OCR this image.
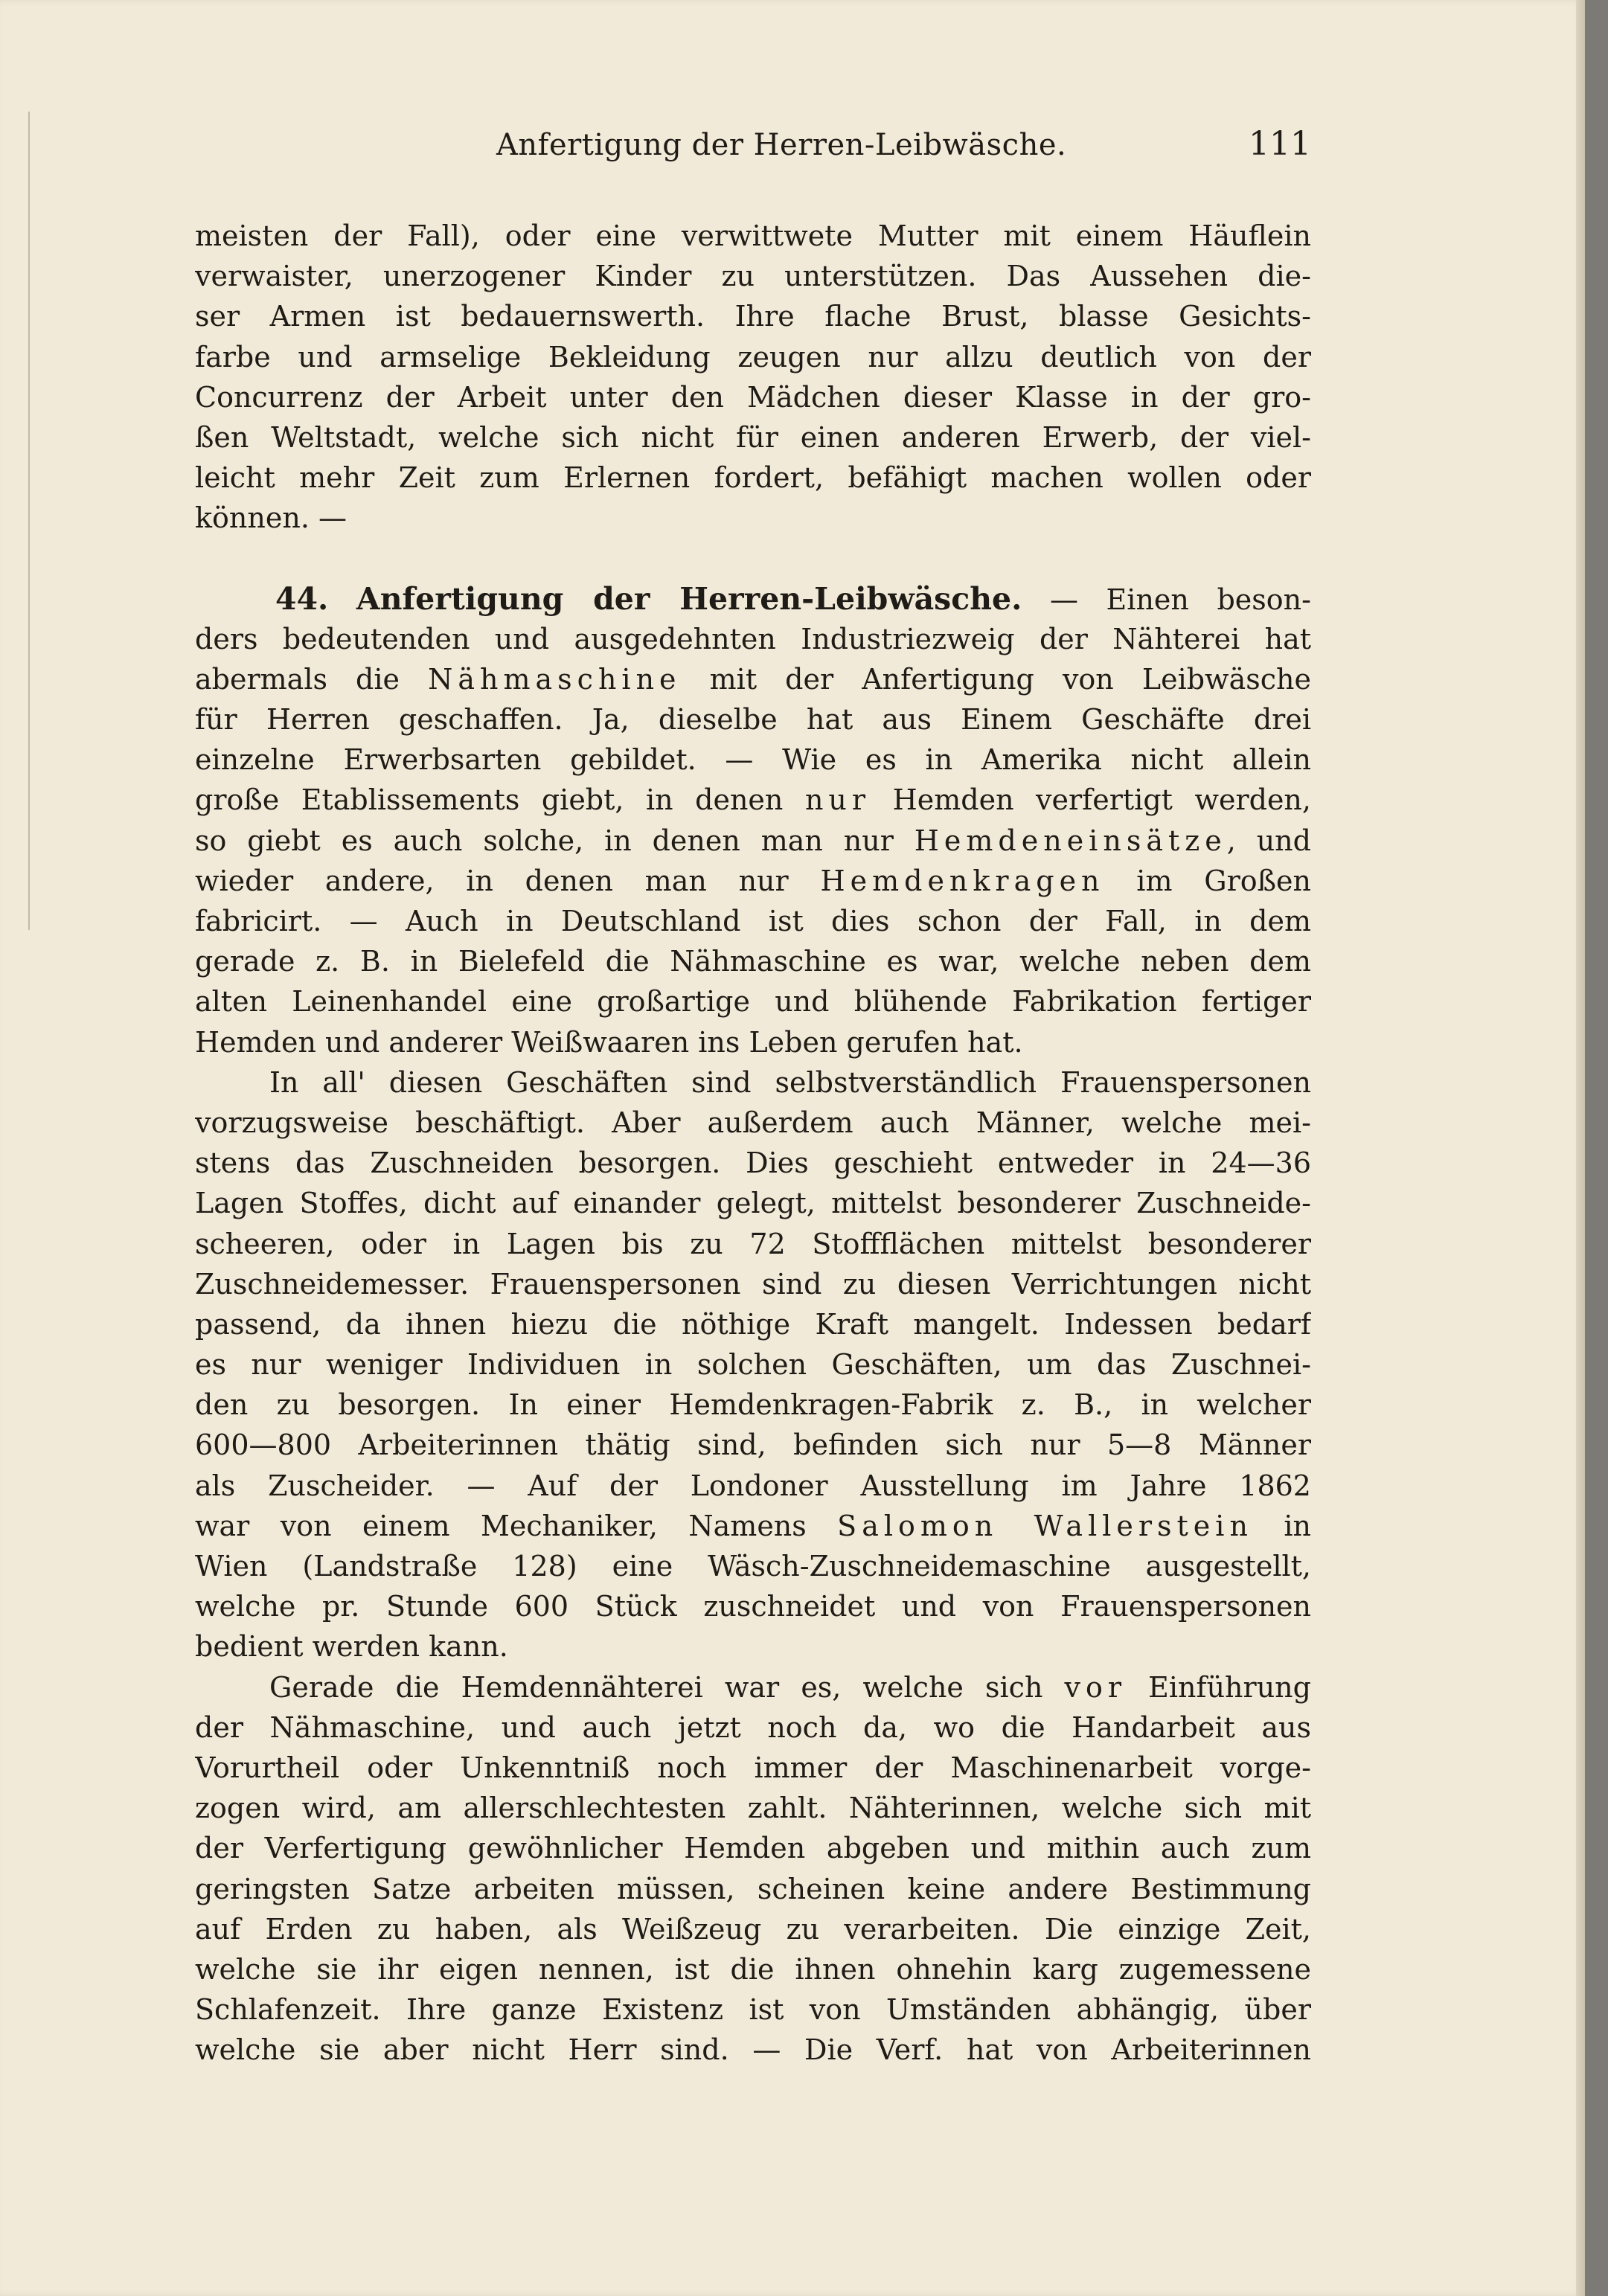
Anfertigung der Herren-Leibwäsche.	111
meisten der Fall), oder eine verwittwete Mutter mit einem Häuflein
verwaister, unerzogener Kinder zu unterstützen. Das Aussehen die-
ser Armen ist bedauernswerth. Ihre flache Brust, blasse Gesichts-
farbe und armselige Bekleidung zeugen nur allzu deutlich von der
Concurrenz der Arbeit unter den Mädchen dieser Klasse in der gro-
ßen Weltstadt, welche sich nicht für einen anderen Erwerb, der viel-
leicht mehr Zeit zum Erlernen fordert, befähigt machen wollen oder
können. —
44. Anfertigung der Herren-Leibwäsche. — Einen beson-
ders bedeutenden und ausgedehnten Industriezweig der Nähterei hat
abermals die Nähmaschine mit der Anfertigung von Leibwäsche
für Herren geschaffen. Ja, dieselbe hat aus Einem Geschäfte drei
einzelne Erwerbsarten gebildet. — Wie es in Amerika nicht allein
große Etablissements giebt, in denen nur Hemden verfertigt werden,
so giebt es auch solche, in denen man nur Hemdeneinsätze, und
wieder andere, in denen man nur Hemdenkragen im Großen
fabricirt. — Auch in Deutschland ist dies schon der Fall, in dem
gerade z. B. in Bielefeld die Nähmaschine es war, welche neben dem
alten Leinenhandel eine großartige und blühende Fabrikation fertiger
Hemden und anderer Weißwaaren ins Leben gerufen hat.
In all' diesen Geschäften sind selbstverständlich Frauenspersonen
vorzugsweise beschäftigt. Aber außerdem auch Männer, welche mei-
stens das Zuschneiden besorgen. Dies geschieht entweder in 24—36
Lagen Stoffes, dicht auf einander gelegt, mittelst besonderer Zuschneide-
scheeren, oder in Lagen bis zu 72 Stoffflächen mittelst besonderer
Zuschneidemesser. Frauenspersonen sind zu diesen Verrichtungen nicht
passend, da ihnen hiezu die nöthige Kraft mangelt. Indessen bedarf
es nur weniger Individuen in solchen Geschäften, um das Zuschnei-
den zu besorgen. In einer Hemdenkragen-Fabrik z. B., in welcher
600—800 Arbeiterinnen thätig sind, befinden sich nur 5—8 Männer
als Zuscheider. — Auf der Londoner Ausstellung im Jahre 1862
war von einem Mechaniker, Namens Salomon Wallerstein in
Wien (Landstraße 128) eine Wäsch-Zuschneidemaschine ausgestellt,
welche pr. Stunde 600 Stück zuschneidet und von Frauenspersonen
bedient werden kann.
Gerade die Hemdennähterei war es, welche sich vor Einführung
der Nähmaschine, und auch jetzt noch da, wo die Handarbeit aus
Vorurtheil oder Unkenntniß noch immer der Maschinenarbeit vorge-
zogen wird, am allerschlechtesten zahlt. Nähterinnen, welche sich mit
der Verfertigung gewöhnlicher Hemden abgeben und mithin auch zum
geringsten Satze arbeiten müssen, scheinen keine andere Bestimmung
auf Erden zu haben, als Weißzeug zu verarbeiten. Die einzige Zeit,
welche sie ihr eigen nennen, ist die ihnen ohnehin karg zugemessene
Schlafenzeit. Ihre ganze Existenz ist von Umständen abhängig, über
welche sie aber nicht Herr sind. — Die Verf. hat von Arbeiterinnen
